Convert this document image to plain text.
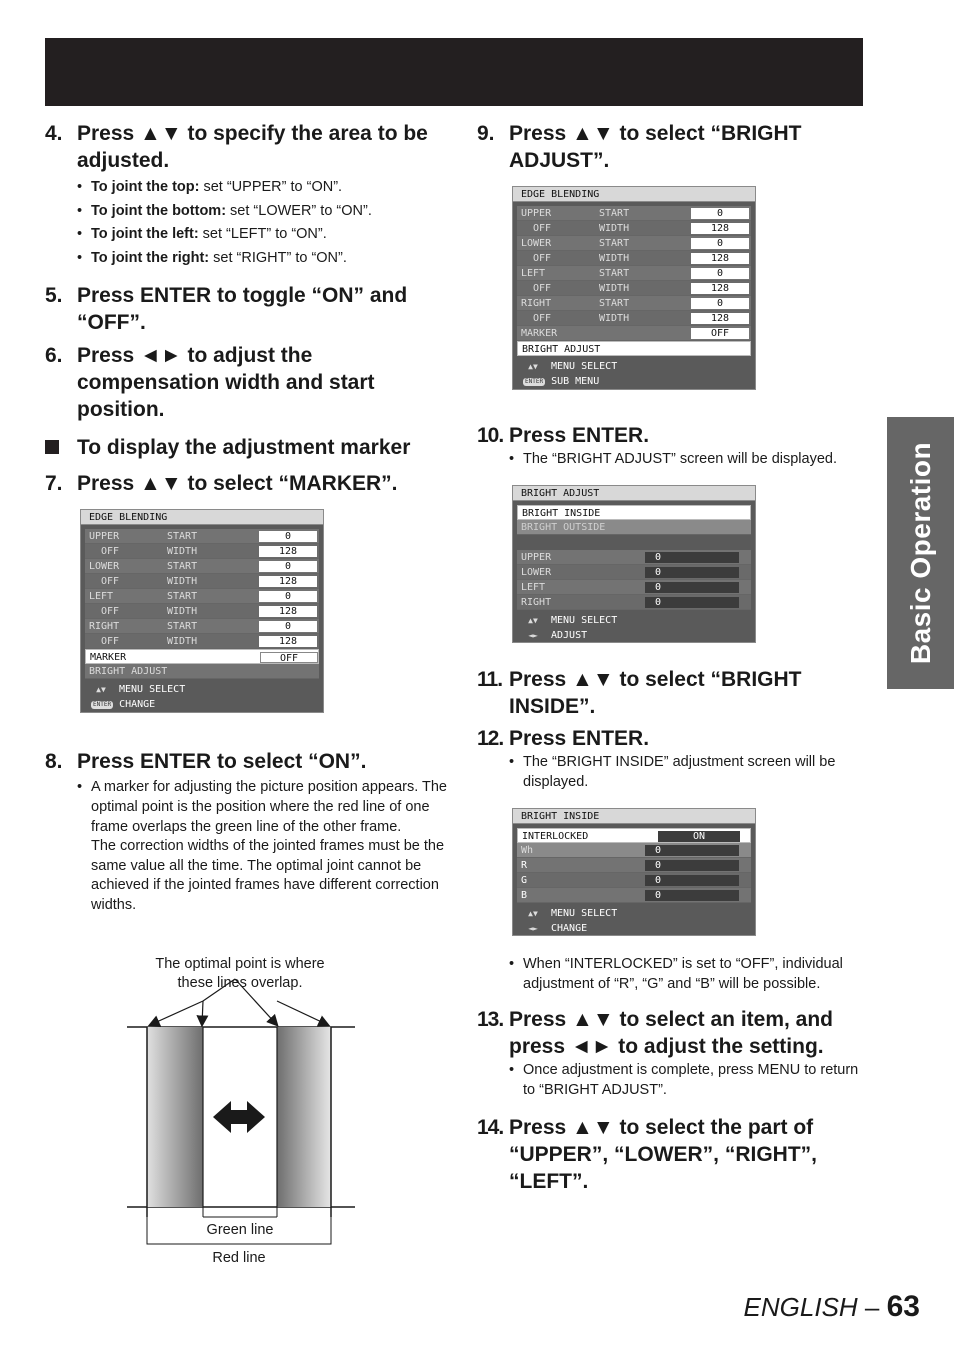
Basic Operation
4. Press ▲▼ to specify the area to be adjusted.
• To joint the top: set “UPPER” to “ON”.
• To joint the bottom: set “LOWER” to “ON”.
• To joint the left: set “LEFT” to “ON”.
• To joint the right: set “RIGHT” to “ON”.
5. Press ENTER to toggle “ON” and “OFF”.
6. Press ◄► to adjust the compensation width and start position.
To display the adjustment marker
7. Press ▲▼ to select “MARKER”.
EDGE BLENDING
UPPER	START	0
OFF	WIDTH	128
LOWER	START	0
OFF	WIDTH	128
LEFT	START	0
OFF	WIDTH	128
RIGHT	START	0
OFF	WIDTH	128
MARKER	OFF
BRIGHT ADJUST
▲▼	MENU SELECT
ENTER CHANGE
8. Press ENTER to select “ON”.
• A marker for adjusting the picture position appears. The optimal point is the position where the red line of one frame overlaps the green line of the other frame.

The correction widths of the jointed frames must be the same value all the time. The optimal joint cannot be achieved if the jointed frames have different correction widths.

The optimal point is where
these lines overlap.
Green line
Red line
9. Press ▲▼ to select “BRIGHT ADJUST”.
EDGE BLENDING
UPPER	START	0
OFF	WIDTH	128
LOWER	START	0
OFF	WIDTH	128
LEFT	START	0
OFF	WIDTH	128
RIGHT	START	0
OFF	WIDTH	128
MARKER	OFF
BRIGHT ADJUST
▲▼	MENU SELECT
ENTER SUB MENU
10. Press ENTER.
• The “BRIGHT ADJUST” screen will be displayed.
BRIGHT ADJUST
BRIGHT INSIDE
BRIGHT OUTSIDE
UPPER	0
LOWER	0
LEFT	0
RIGHT	0
▲▼	MENU SELECT
◄►	ADJUST
11. Press ▲▼ to select “BRIGHT INSIDE”.
12. Press ENTER.
• The “BRIGHT INSIDE” adjustment screen will be displayed.
BRIGHT INSIDE
INTERLOCKED	ON
Wh	0
R	0
G	0
B	0
▲▼	MENU SELECT
◄►	CHANGE
• When “INTERLOCKED” is set to “OFF”, individual adjustment of “R”, “G” and “B” will be possible.
13. Press ▲▼ to select an item, and press ◄► to adjust the setting.
• Once adjustment is complete, press MENU to return to “BRIGHT ADJUST”.
14. Press ▲▼ to select the part of “UPPER”, “LOWER”, “RIGHT”, “LEFT”.
ENGLISH – 63
